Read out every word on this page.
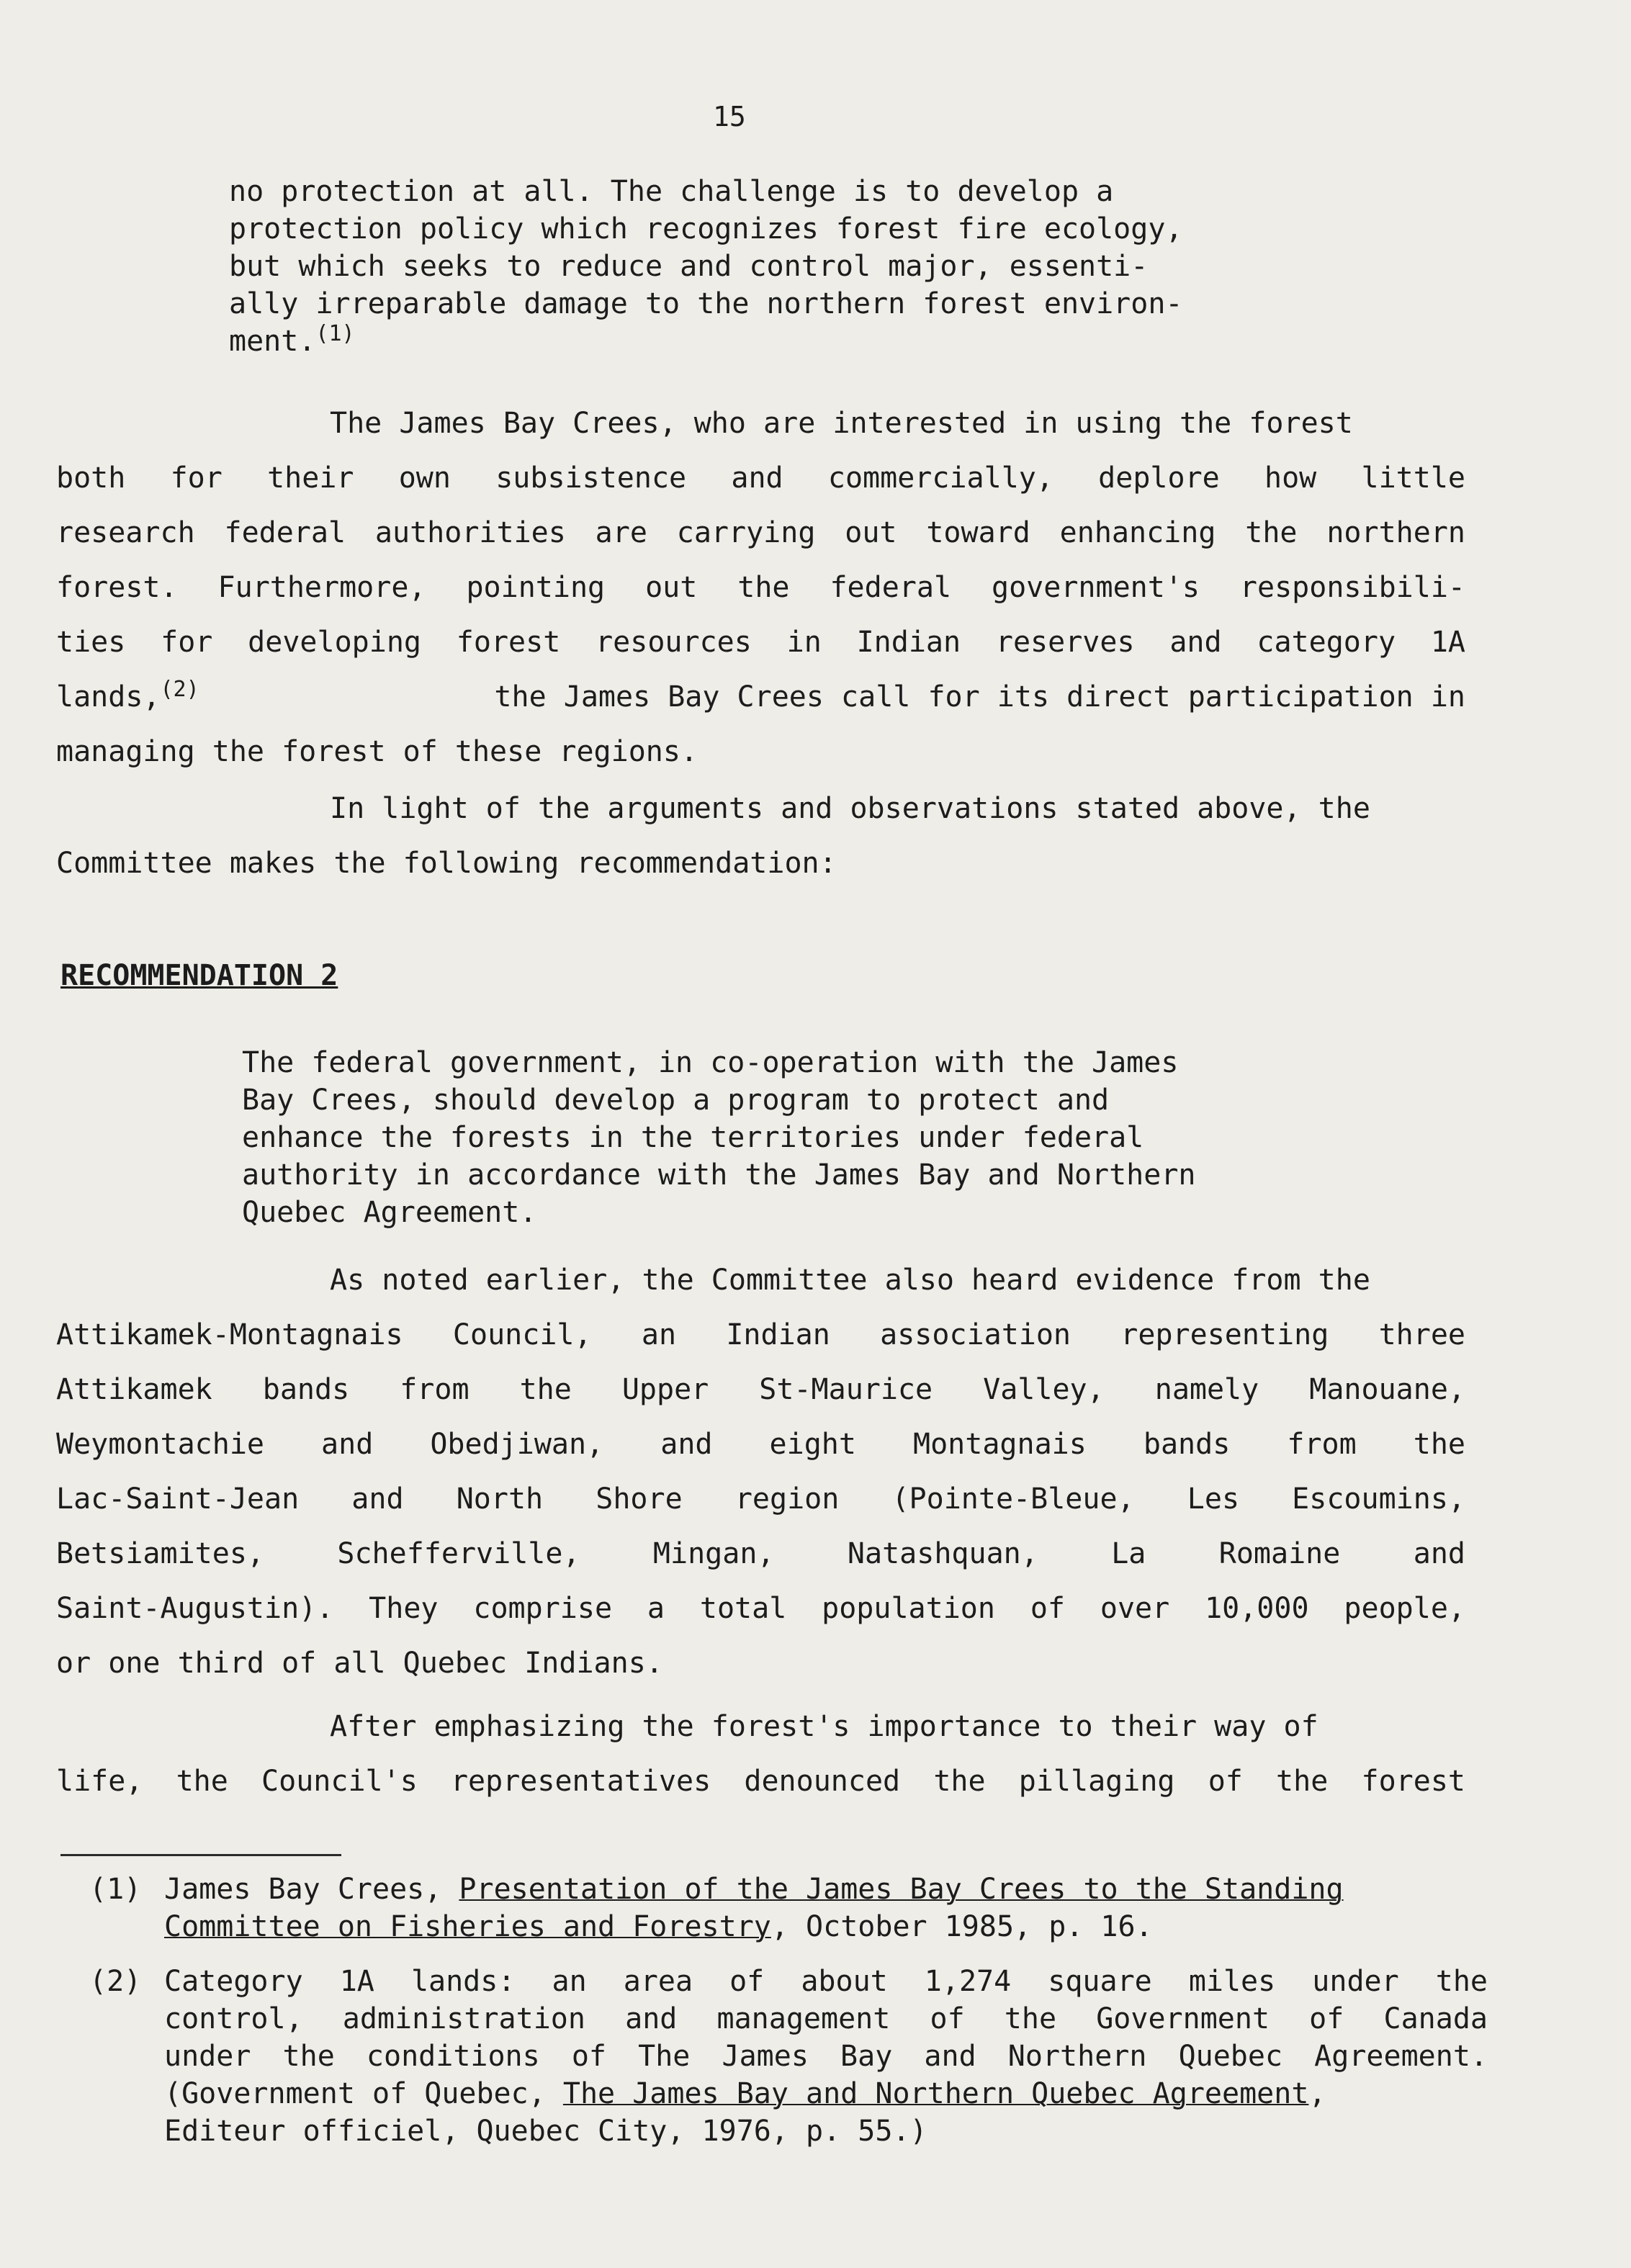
15
no protection at all. The challenge is to develop a
protection policy which recognizes forest fire ecology,
but which seeks to reduce and control major, essenti-
ally irreparable damage to the northern forest environ-
ment.$^{(1)}$
The James Bay Crees, who are interested in using the forest
both for their own subsistence and commercially, deplore how little
research federal authorities are carrying out toward enhancing the northern
forest. Furthermore, pointing out the federal government's responsibili-
ties for developing forest resources in Indian reserves and category 1A
lands,$^{(2)}$	the James Bay Crees call for its direct participation in
managing the forest of these regions.
In light of the arguments and observations stated above, the
Committee makes the following recommendation:
RECOMMENDATION 2
The federal government, in co-operation with the James
Bay Crees, should develop a program to protect and
enhance the forests in the territories under federal
authority in accordance with the James Bay and Northern
Quebec Agreement.
As noted earlier, the Committee also heard evidence from the
Attikamek-Montagnais Council, an Indian association representing three
Attikamek bands from the Upper St-Maurice Valley, namely Manouane,
Weymontachie and Obedjiwan, and eight Montagnais bands from the
Lac-Saint-Jean and North Shore region (Pointe-Bleue, Les Escoumins,
Betsiamites, Schefferville, Mingan, Natashquan, La Romaine and
Saint-Augustin). They comprise a total population of over 10,000 people,
or one third of all Quebec Indians.
After emphasizing the forest's importance to their way of
life, the Council's representatives denounced the pillaging of the forest
(1) James Bay Crees, Presentation of the James Bay Crees to the Standing
Committee on Fisheries and Forestry, October 1985, p. 16.
(2) Category 1A lands: an area of about 1,274 square miles under the
control, administration and management of the Government of Canada
under the conditions of The James Bay and Northern Quebec Agreement.
(Government of Quebec, The James Bay and Northern Quebec Agreement,
Editeur officiel, Quebec City, 1976, p. 55.)
